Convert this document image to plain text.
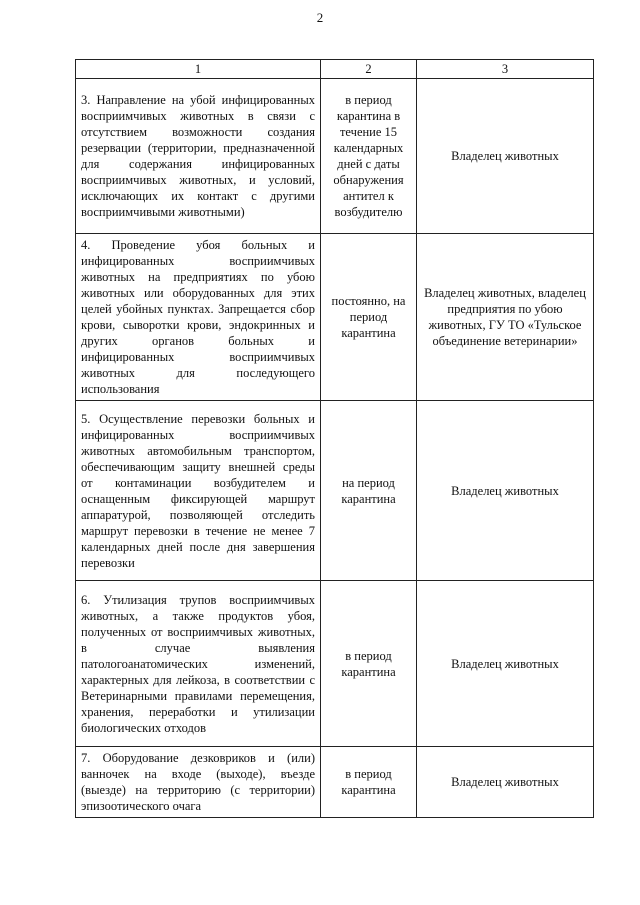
2
1	2	3
3. Направление на убой инфицированных восприимчивых животных в связи с отсутствием возможности создания резервации (территории, предназначенной для содержания инфицированных восприимчивых животных, и условий, исключающих их контакт с другими восприимчивыми животными)	в период карантина в течение 15 календарных дней с даты обнаружения антител к возбудителю	Владелец животных
4. Проведение убоя больных и инфицированных восприимчивых животных на предприятиях по убою животных или оборудованных для этих целей убойных пунктах. Запрещается сбор крови, сыворотки крови, эндокринных и других органов больных и инфицированных восприимчивых животных для последующего использования	постоянно, на период карантина	Владелец животных, владелец предприятия по убою животных, ГУ ТО «Тульское объединение ветеринарии»
5. Осуществление перевозки больных и инфицированных восприимчивых животных автомобильным транспортом, обеспечивающим защиту внешней среды от контаминации возбудителем и оснащенным фиксирующей маршрут аппаратурой, позволяющей отследить маршрут перевозки в течение не менее 7 календарных дней после дня завершения перевозки	на период карантина	Владелец животных
6. Утилизация трупов восприимчивых животных, а также продуктов убоя, полученных от восприимчивых животных, в случае выявления патологоанатомических изменений, характерных для лейкоза, в соответствии с Ветеринарными правилами перемещения, хранения, переработки и утилизации биологических отходов	в период карантина	Владелец животных
7. Оборудование дезковриков и (или) ванночек на входе (выходе), въезде (выезде) на территорию (с территории) эпизоотического очага	в период карантина	Владелец животных
